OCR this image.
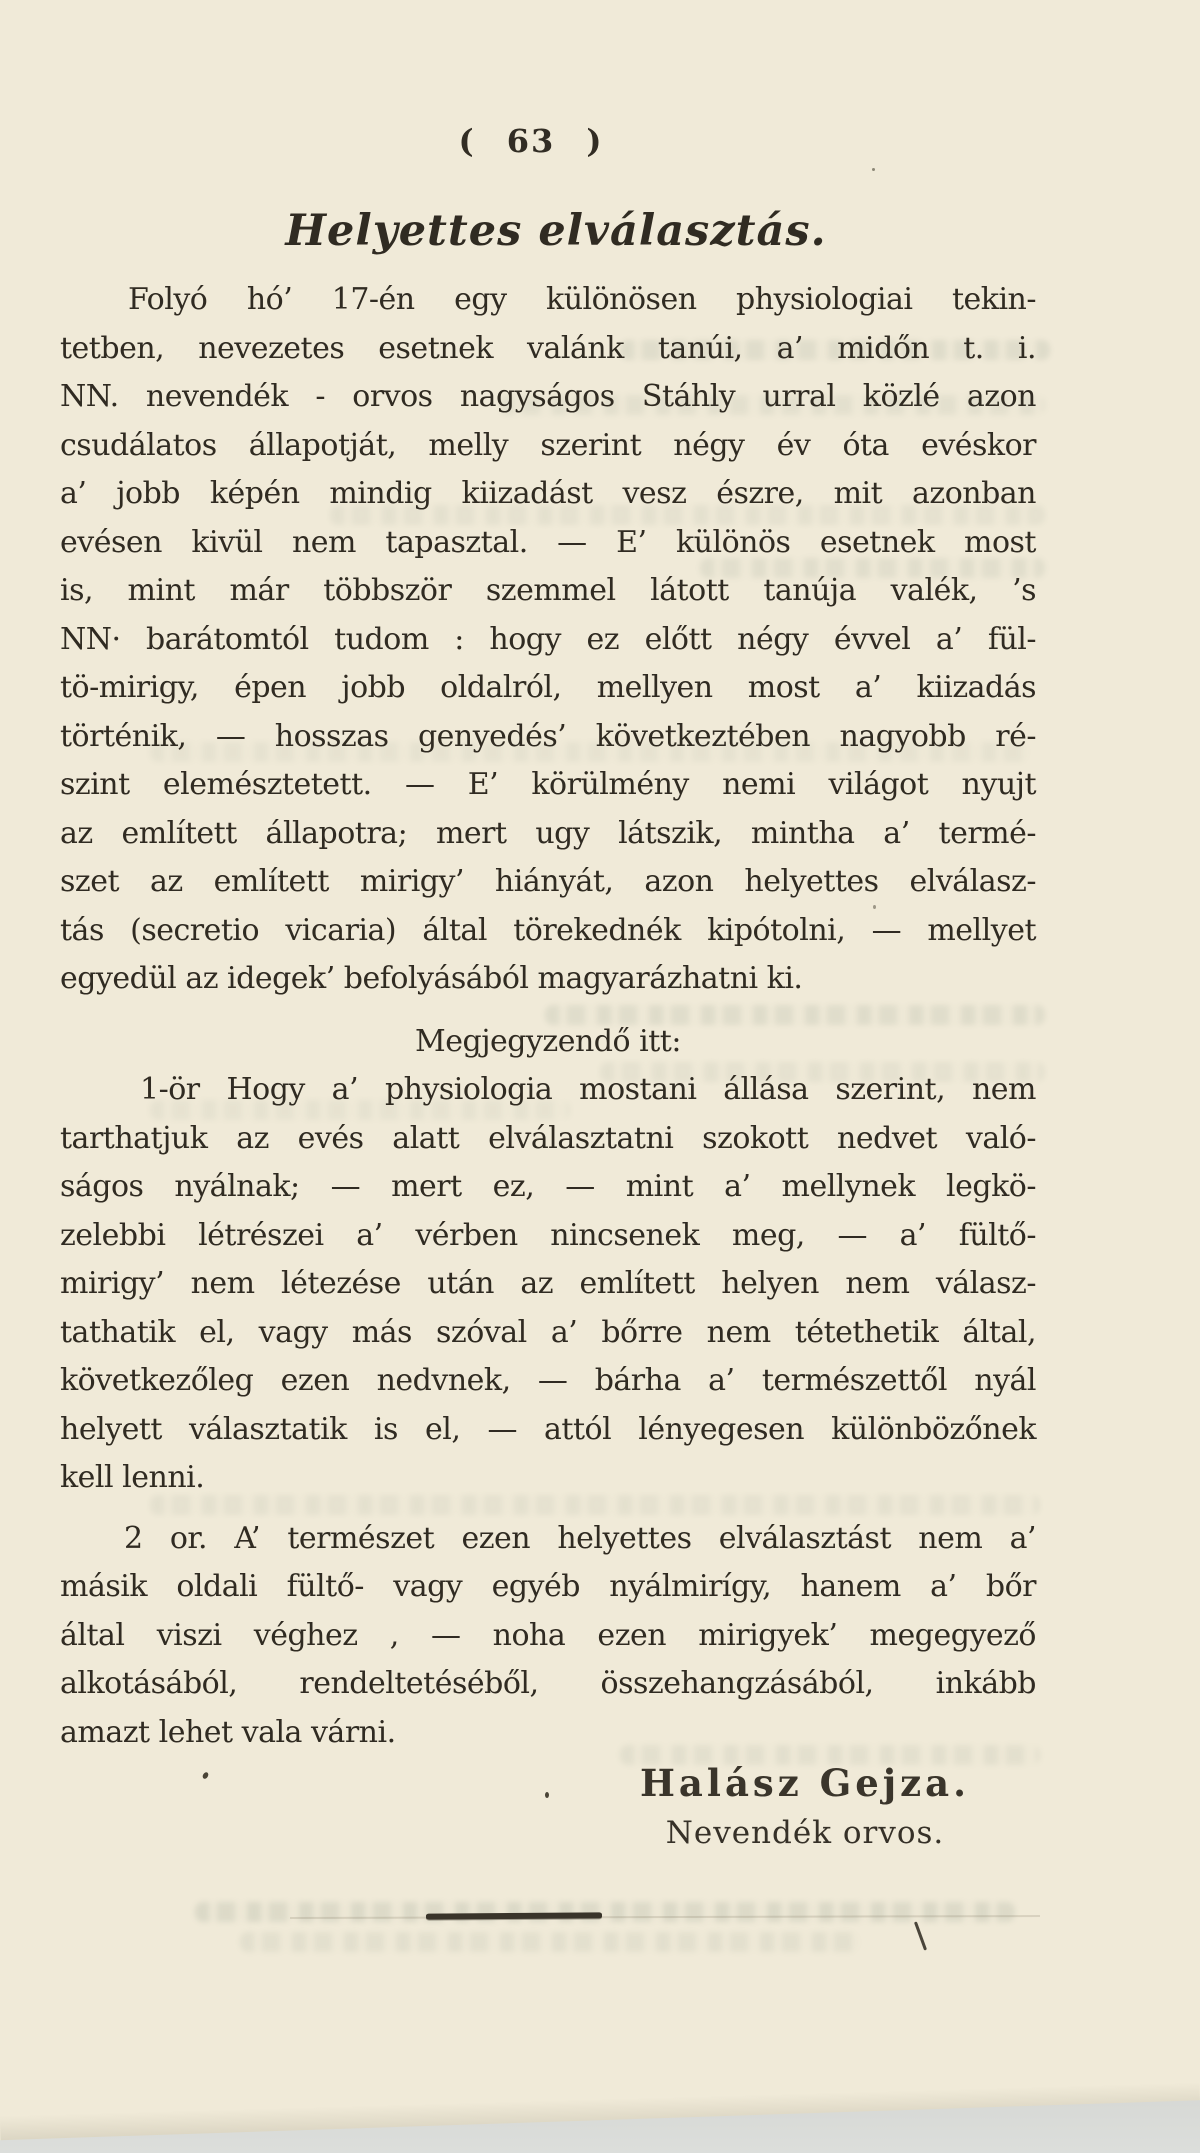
( 63 )
Helyettes elválasztás.
Folyó hó’ 17-én egy különösen physiologiai tekin-
tetben, nevezetes esetnek valánk tanúi, a’ midőn t. i.
NN. nevendék - orvos nagyságos Stáhly urral közlé azon
csudálatos állapotját, melly szerint négy év óta evéskor
a’ jobb képén mindig kiizadást vesz észre, mit azonban
evésen kivül nem tapasztal. — E’ különös esetnek most
is, mint már többször szemmel látott tanúja valék, ’s
NN· barátomtól tudom : hogy ez előtt négy évvel a’ fül-
tö-mirigy, épen jobb oldalról, mellyen most a’ kiizadás
történik, — hosszas genyedés’ következtében nagyobb ré-
szint elemésztetett. — E’ körülmény nemi világot nyujt
az említett állapotra; mert ugy látszik, mintha a’ termé-
szet az említett mirigy’ hiányát, azon helyettes elválasz-
tás (secretio vicaria) által törekednék kipótolni, — mellyet
egyedül az idegek’ befolyásából magyarázhatni ki.
Megjegyzendő itt:
1-ör Hogy a’ physiologia mostani állása szerint, nem
tarthatjuk az evés alatt elválasztatni szokott nedvet való-
ságos nyálnak; — mert ez, — mint a’ mellynek legkö-
zelebbi létrészei a’ vérben nincsenek meg, — a’ fültő-
mirigy’ nem létezése után az említett helyen nem válasz-
tathatik el, vagy más szóval a’ bőrre nem tétethetik által,
következőleg ezen nedvnek, — bárha a’ természettől nyál
helyett választatik is el, — attól lényegesen különbözőnek
kell lenni.
2 or. A’ természet ezen helyettes elválasztást nem a’
másik oldali fültő- vagy egyéb nyálmirígy, hanem a’ bőr
által viszi véghez , — noha ezen mirigyek’ megegyező
alkotásából, rendeltetéséből, összehangzásából, inkább
amazt lehet vala várni.
Halász Gejza.
Nevendék orvos.
